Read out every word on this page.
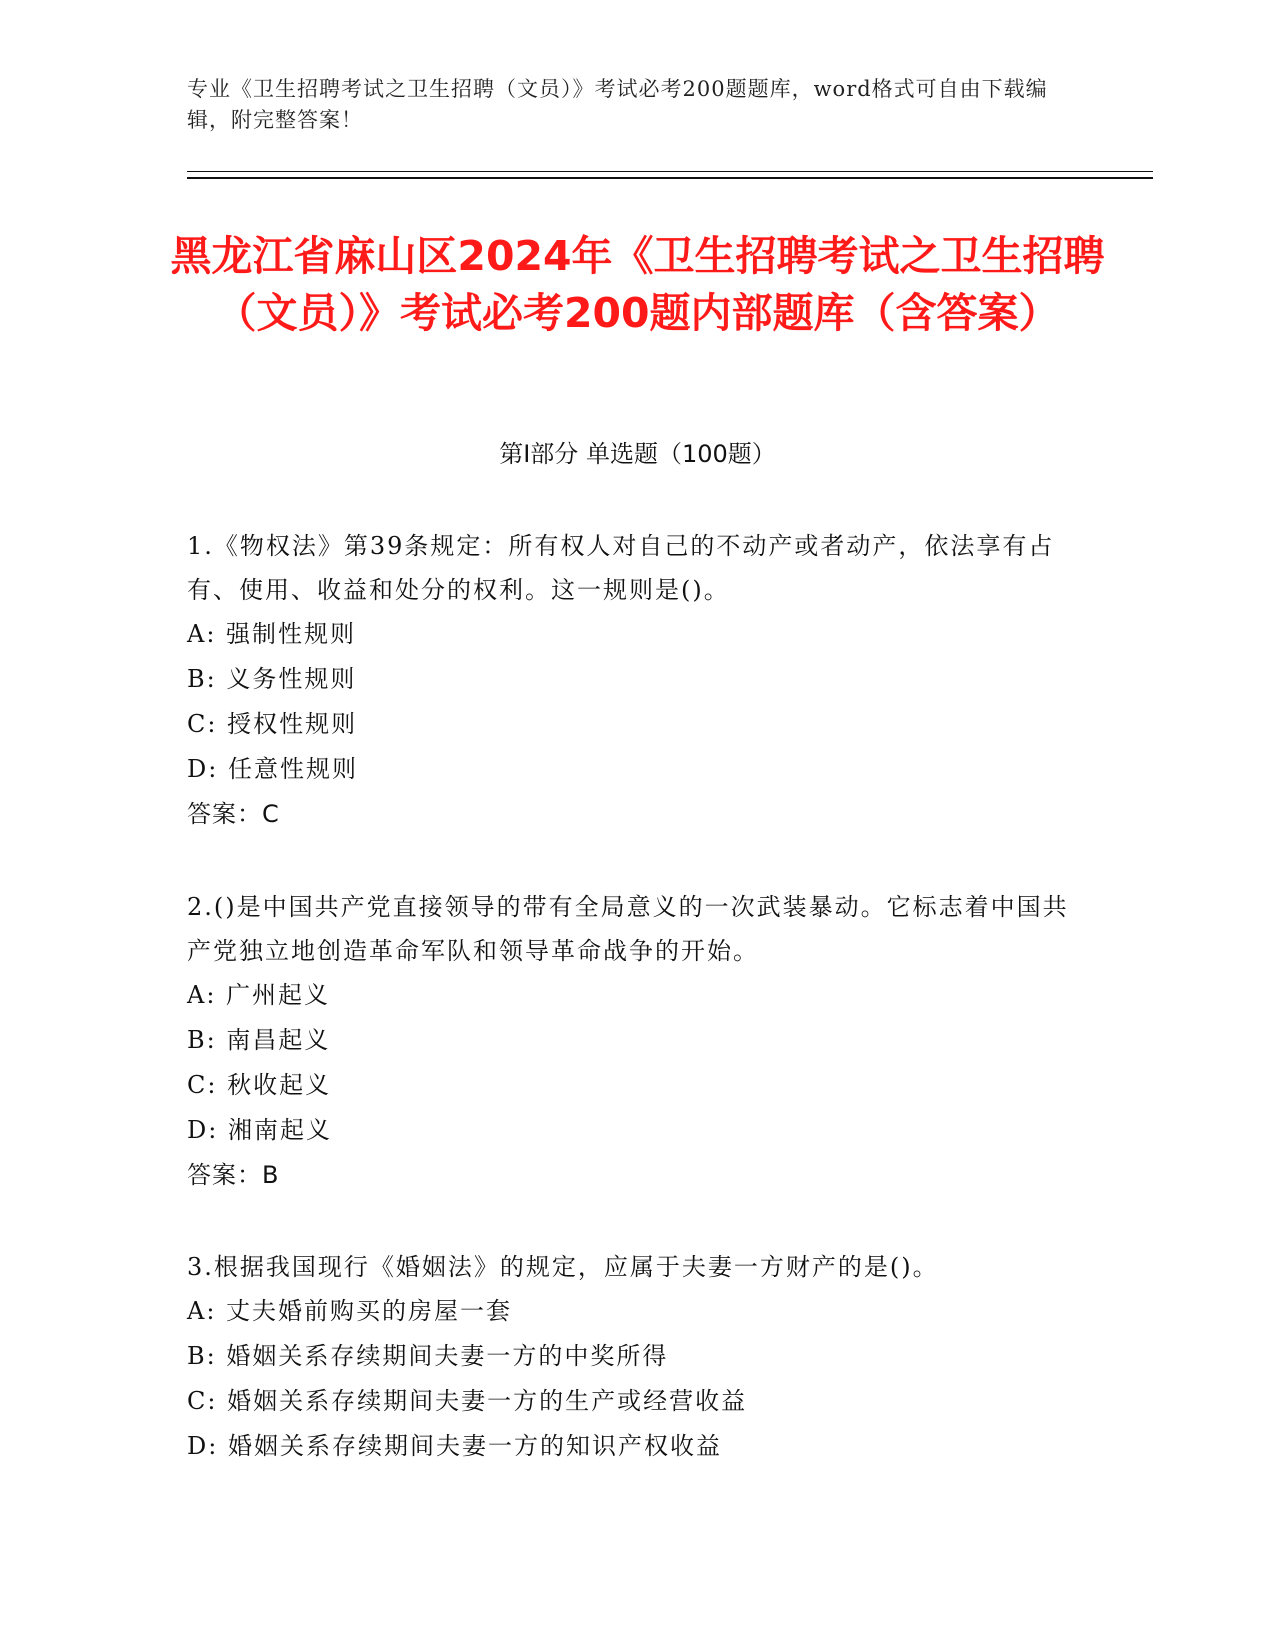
专业《卫生招聘考试之卫生招聘（文员）》考试必考200题题库，word格式可自由下载编辑，附完整答案！
黑龙江省麻山区2024年《卫生招聘考试之卫生招聘（文员）》考试必考200题内部题库（含答案）
第Ⅰ部分 单选题（100题）
1.《物权法》第39条规定：所有权人对自己的不动产或者动产，依法享有占有、使用、收益和处分的权利。这一规则是()。
A: 强制性规则
B: 义务性规则
C: 授权性规则
D: 任意性规则
答案：C
2.()是中国共产党直接领导的带有全局意义的一次武装暴动。它标志着中国共产党独立地创造革命军队和领导革命战争的开始。
A: 广州起义
B: 南昌起义
C: 秋收起义
D: 湘南起义
答案：B
3.根据我国现行《婚姻法》的规定，应属于夫妻一方财产的是()。
A: 丈夫婚前购买的房屋一套
B: 婚姻关系存续期间夫妻一方的中奖所得
C: 婚姻关系存续期间夫妻一方的生产或经营收益
D: 婚姻关系存续期间夫妻一方的知识产权收益
